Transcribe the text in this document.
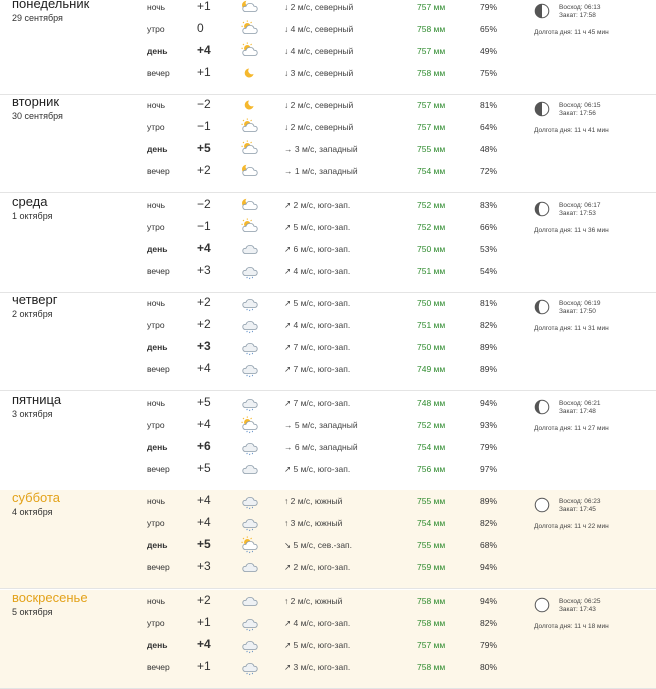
понедельник
29 сентября
ночь	+1	↓ 2 м/с, северный	757 мм	79%
утро	0	↓ 4 м/с, северный	758 мм	65%
день +4	↓ 4 м/с, северный	757 мм	49%
вечер +1	↓ 3 м/с, северный	758 мм	75%
Восход: 06:13
Закат: 17:58
Долгота дня: 11 ч 45 мин
вторник
30 сентября
ночь	−2	↓ 2 м/с, северный	757 мм	81%
утро	−1	↓ 2 м/с, северный	757 мм	64%
день +5	→ 3 м/с, западный	755 мм	48%
вечер +2	→ 1 м/с, западный	754 мм	72%
Восход: 06:15
Закат: 17:56
Долгота дня: 11 ч 41 мин
среда
1 октября
ночь	−2	↗ 2 м/с, юго-зап.	752 мм	83%
утро	−1	↗ 5 м/с, юго-зап.	752 мм	66%
день +4	↗ 6 м/с, юго-зап.	750 мм	53%
вечер +3	↗ 4 м/с, юго-зап.	751 мм	54%
Восход: 06:17
Закат: 17:53
Долгота дня: 11 ч 36 мин
четверг
2 октября
ночь	+2	↗ 5 м/с, юго-зап.	750 мм	81%
утро	+2	↗ 4 м/с, юго-зап.	751 мм	82%
день +3	↗ 7 м/с, юго-зап.	750 мм	89%
вечер +4	↗ 7 м/с, юго-зап.	749 мм	89%
Восход: 06:19
Закат: 17:50
Долгота дня: 11 ч 31 мин
пятница
3 октября
ночь	+5	↗ 7 м/с, юго-зап.	748 мм	94%
утро	+4	→ 5 м/с, западный	752 мм	93%
день +6	→ 6 м/с, западный	754 мм	79%
вечер +5	↗ 5 м/с, юго-зап.	756 мм	97%
Восход: 06:21
Закат: 17:48
Долгота дня: 11 ч 27 мин
суббота
4 октября
ночь	+4	↑ 2 м/с, южный	755 мм	89%
утро	+4	↑ 3 м/с, южный	754 мм	82%
день +5	↘ 5 м/с, сев.-зап.	755 мм	68%
вечер +3	↗ 2 м/с, юго-зап.	759 мм	94%
Восход: 06:23
Закат: 17:45
Долгота дня: 11 ч 22 мин
воскресенье
5 октября
ночь	+2	↑ 2 м/с, южный	758 мм	94%
утро	+1	↗ 4 м/с, юго-зап.	758 мм	82%
день +4	↗ 5 м/с, юго-зап.	757 мм	79%
вечер +1	↗ 3 м/с, юго-зап.	758 мм	80%
Восход: 06:25
Закат: 17:43
Долгота дня: 11 ч 18 мин
